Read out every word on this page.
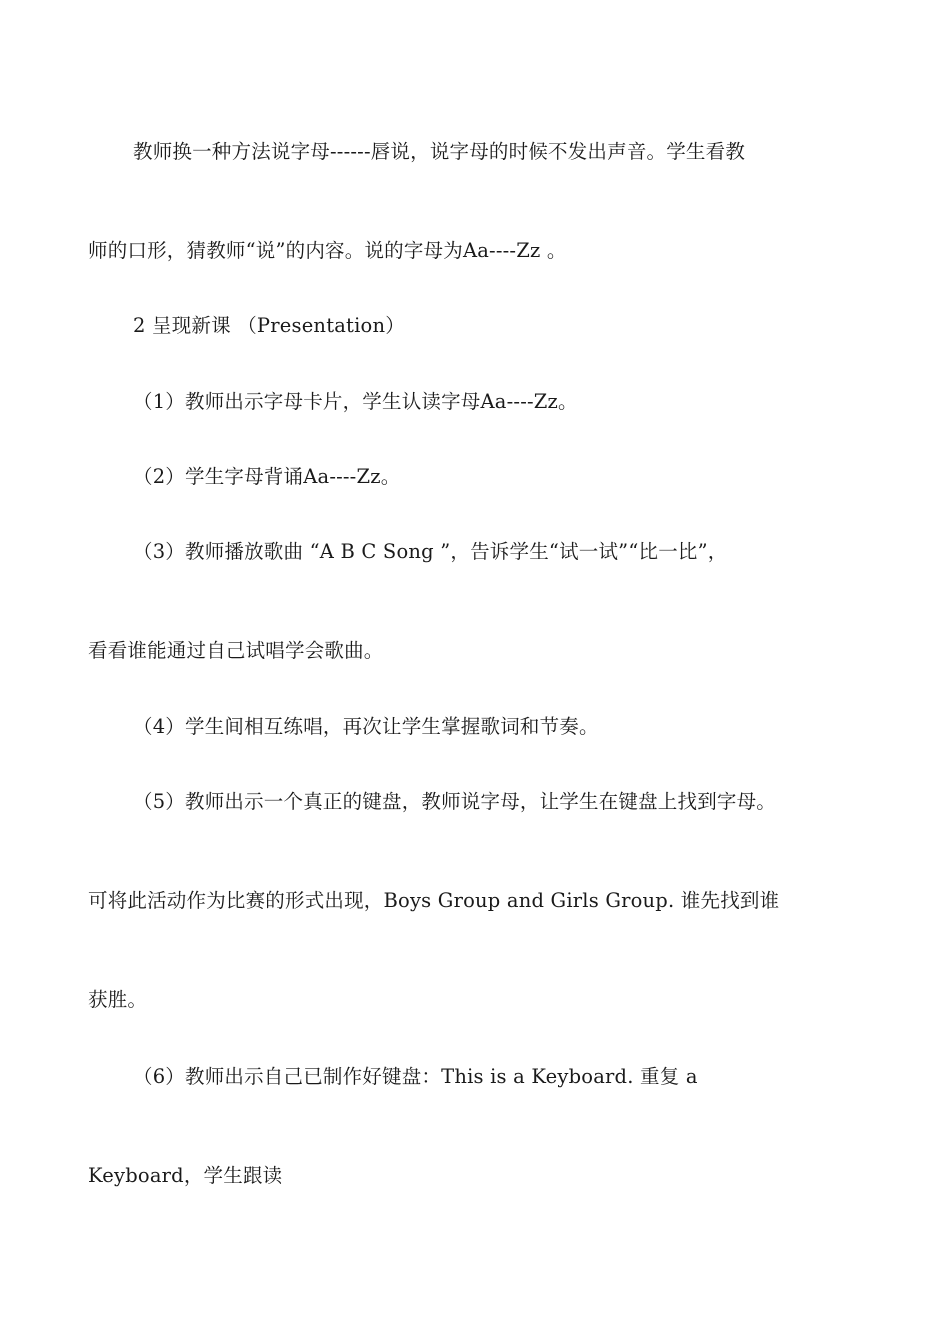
教师换一种方法说字母------唇说，说字母的时候不发出声音。学生看教
师的口形，猜教师“说”的内容。说的字母为Aa----Zz 。
2 呈现新课 （Presentation）
（1）教师出示字母卡片，学生认读字母Aa----Zz。
（2）学生字母背诵Aa----Zz。
（3）教师播放歌曲 “A B C Song ”，告诉学生“试一试”“比一比”，
看看谁能通过自己试唱学会歌曲。
（4）学生间相互练唱，再次让学生掌握歌词和节奏。
（5）教师出示一个真正的键盘，教师说字母，让学生在键盘上找到字母。
可将此活动作为比赛的形式出现，Boys Group and Girls Group. 谁先找到谁
获胜。
（6）教师出示自己已制作好键盘：This is a Keyboard. 重复 a
Keyboard，学生跟读
